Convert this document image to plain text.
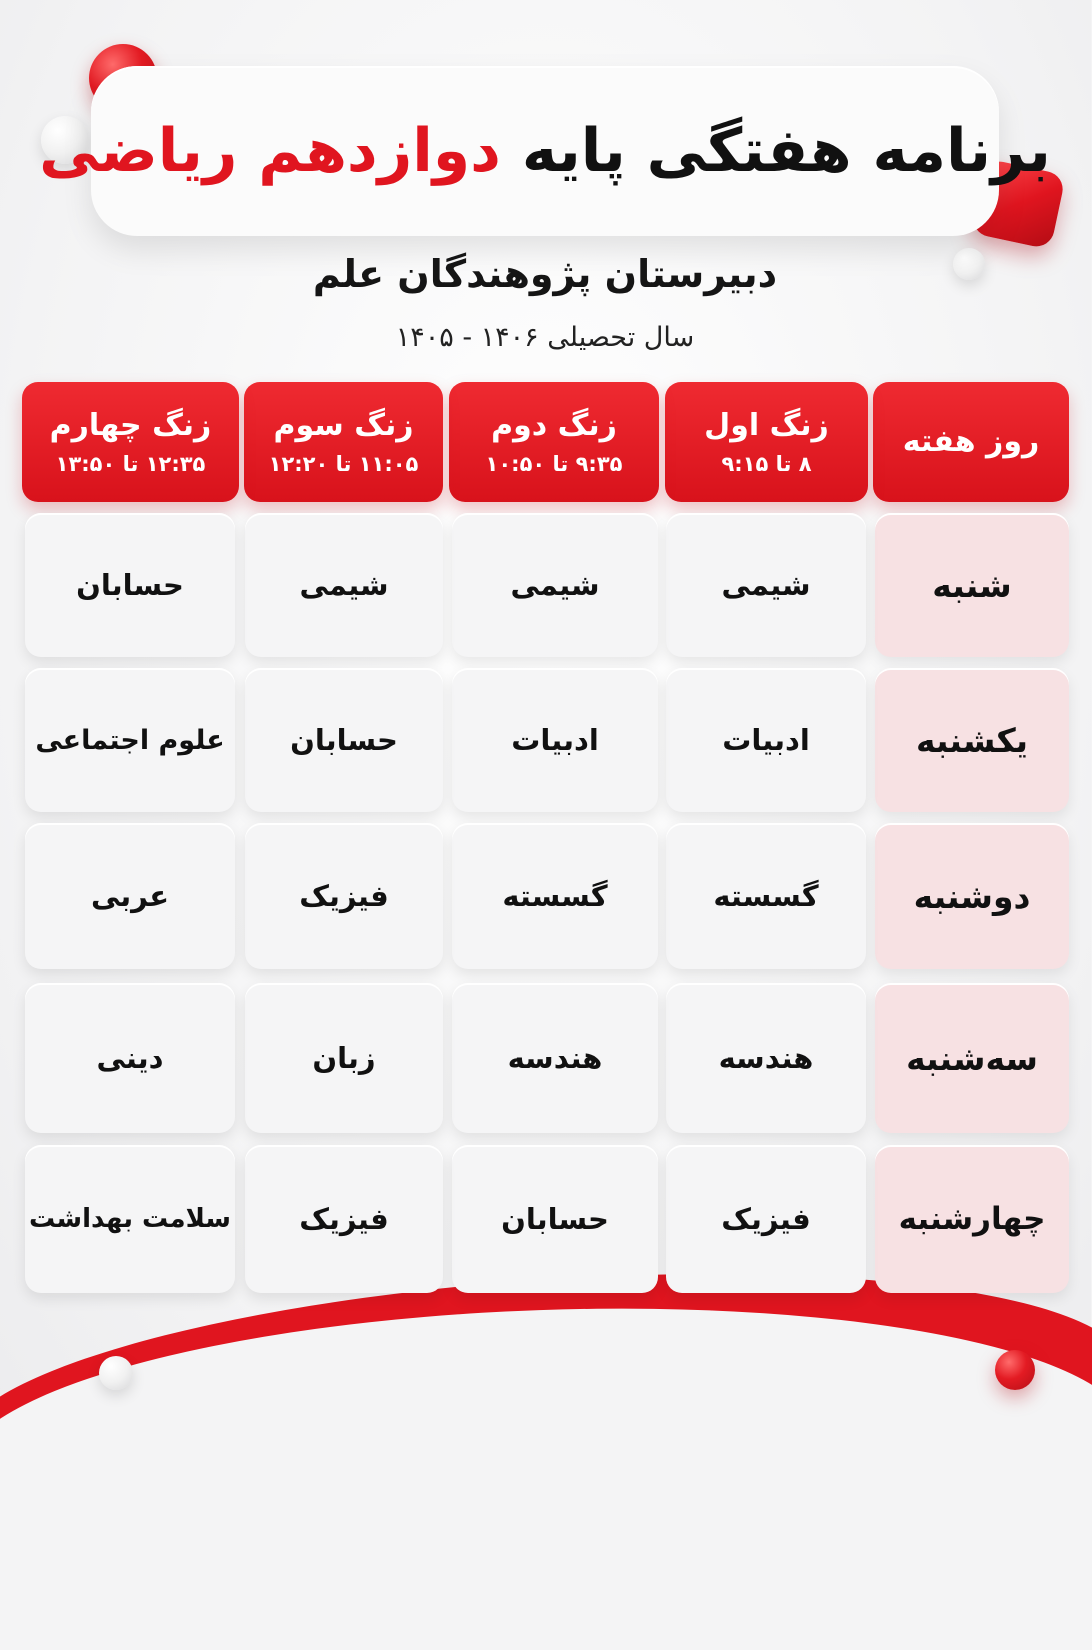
برنامه هفتگی پایه دوازدهم ریاضی
دبیرستان پژوهندگان علم
سال تحصیلی ۱۴۰۶ - ۱۴۰۵
روز هفته
زنگ اول
۸ تا ۹:۱۵
زنگ دوم
۹:۳۵ تا ۱۰:۵۰
زنگ سوم
۱۱:۰۵ تا ۱۲:۲۰
زنگ چهارم
۱۲:۳۵ تا ۱۳:۵۰
شنبه
شیمی
شیمی
شیمی
حسابان
یکشنبه
ادبیات
ادبیات
حسابان
علوم اجتماعی
دوشنبه
گسسته
گسسته
فیزیک
عربی
سه‌شنبه
هندسه
هندسه
زبان
دینی
چهارشنبه
فیزیک
حسابان
فیزیک
سلامت بهداشت
